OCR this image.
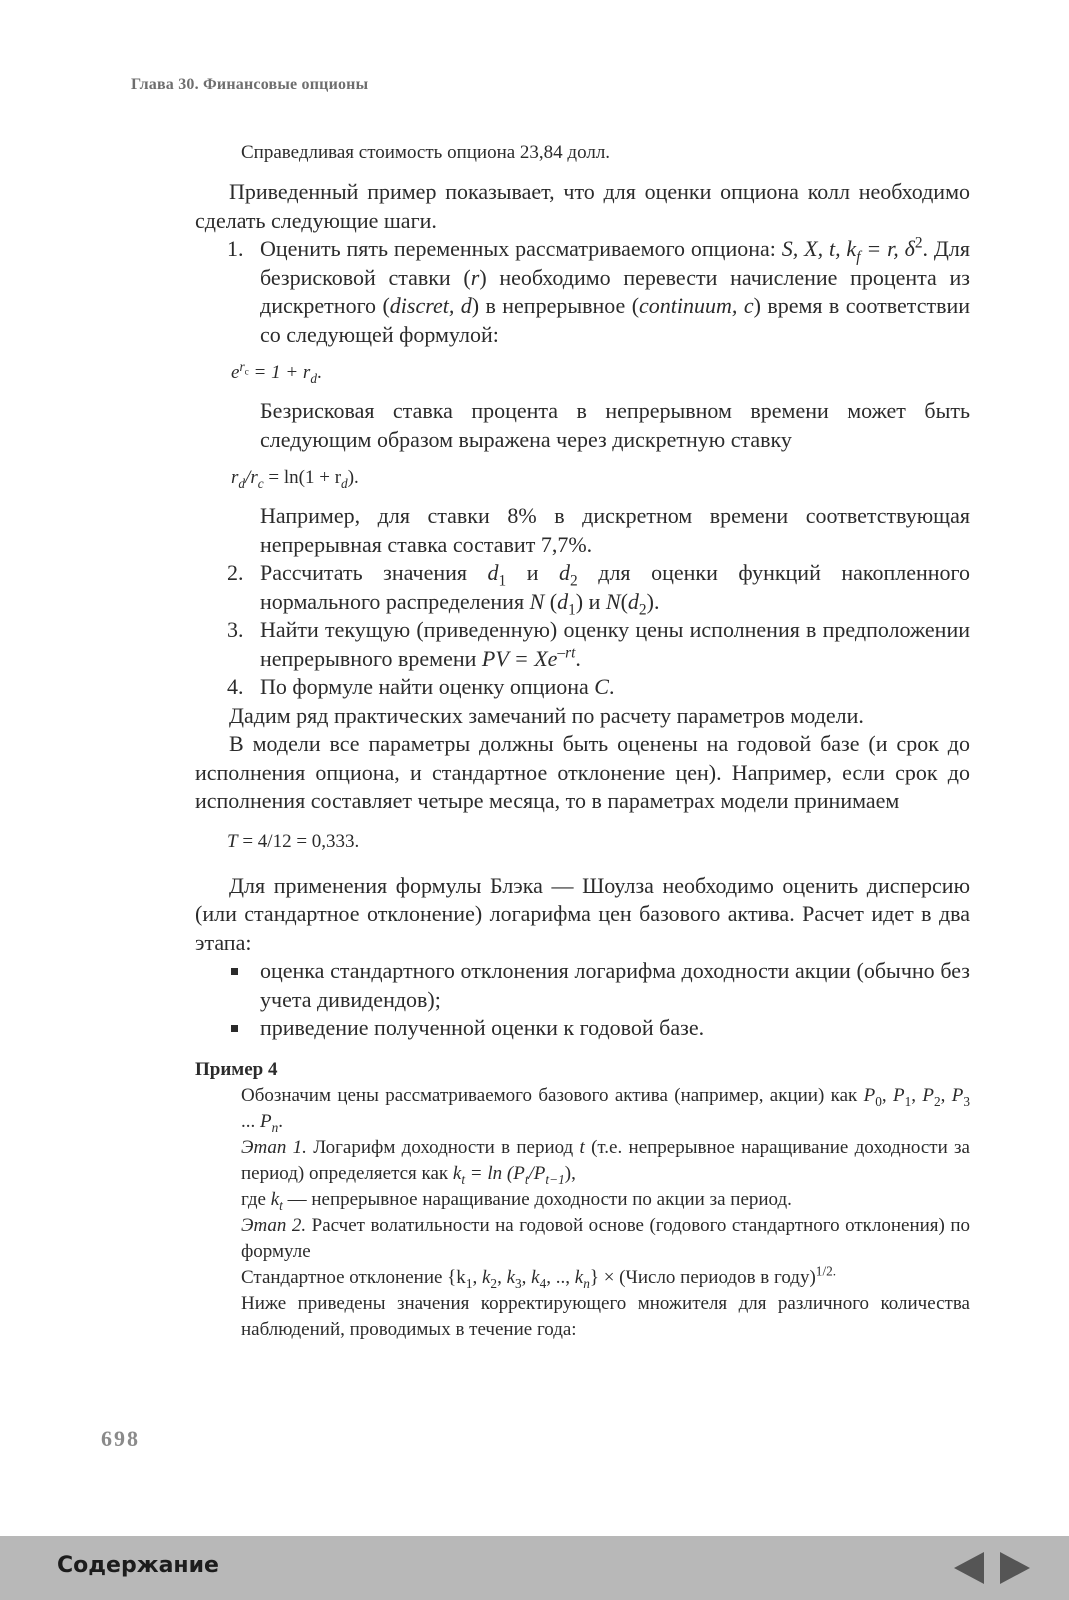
Глава 30. Финансовые опционы

Справедливая стоимость опциона 23,84 долл.

Приведенный пример показывает, что для оценки опциона колл необходимо сделать следующие шаги.

1. Оценить пять переменных рассматриваемого опциона: S, X, t, $k_f = r$, $\delta^2$. Для безрисковой ставки (r) необходимо перевести начисление процента из дискретного (discret, d) в непрерывное (continuum, c) время в соответствии со следующей формулой:
$e^{r_c} = 1 + r_d$.
Безрисковая ставка процента в непрерывном времени может быть следующим образом выражена через дискретную ставку
$r_d/r_c = \ln(1 + r_d)$.
Например, для ставки 8% в дискретном времени соответствующая непрерывная ставка составит 7,7%.
2. Рассчитать значения $d_1$ и $d_2$ для оценки функций накопленного нормального распределения N $(d_1)$ и $N(d_2)$.
3. Найти текущую (приведенную) оценку цены исполнения в предположении непрерывного времени PV = $Xe^{-rt}$.
4. По формуле найти оценку опциона C.

Дадим ряд практических замечаний по расчету параметров модели.

В модели все параметры должны быть оценены на годовой базе (и срок до исполнения опциона, и стандартное отклонение цен). Например, если срок до исполнения составляет четыре месяца, то в параметрах модели принимаем

T = 4/12 = 0,333.

Для применения формулы Блэка — Шоулза необходимо оценить дисперсию (или стандартное отклонение) логарифма цен базового актива. Расчет идет в два этапа:

оценка стандартного отклонения логарифма доходности акции (обычно без учета дивидендов);
приведение полученной оценки к годовой базе.
Пример 4
Обозначим цены рассматриваемого базового актива (например, акции) как $P_0$, $P_1$, $P_2$, $P_3$ ... $P_n$.
Этап 1. Логарифм доходности в период t (т.е. непрерывное наращивание доходности за период) определяется как $k_t = \ln (P_t/P_{t-1})$,
где $k_t$ — непрерывное наращивание доходности по акции за период.
Этап 2. Расчет волатильности на годовой основе (годового стандартного отклонения) по формуле
Стандартное отклонение {$k_1$, $k_2$, $k_3$, $k_4$, .., $k_n$} × (Число периодов в году)$^{1/2.}$
Ниже приведены значения корректирующего множителя для различного количества наблюдений, проводимых в течение года:
698
Содержание
